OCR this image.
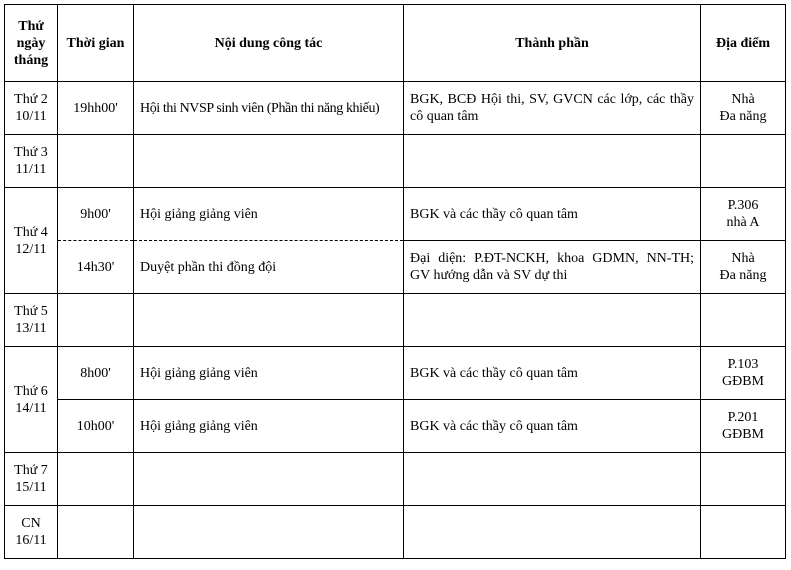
Thứ
ngày
tháng	Thời gian	Nội dung công tác	Thành phần	Địa điểm

Thứ 2
10/11	19hh00'	Hội thi NVSP sinh viên (Phần thi năng khiếu)	BGK, BCĐ Hội thi, SV, GVCN các lớp, các thầy cô quan tâm	Nhà
Đa năng

Thứ 3
11/11				

Thứ 4
12/11	9h00'	Hội giảng giảng viên	BGK và các thầy cô quan tâm	P.306
nhà A

	14h30'	Duyệt phần thi đồng đội	Đại diện: P.ĐT-NCKH, khoa GDMN, NN-TH; GV hướng dẫn và SV dự thi	Nhà
Đa năng

Thứ 5
13/11				

Thứ 6
14/11	8h00'	Hội giảng giảng viên	BGK và các thầy cô quan tâm	P.103
GĐBM

	10h00'	Hội giảng giảng viên	BGK và các thầy cô quan tâm	P.201
GĐBM

Thứ 7
15/11				

CN
16/11				
